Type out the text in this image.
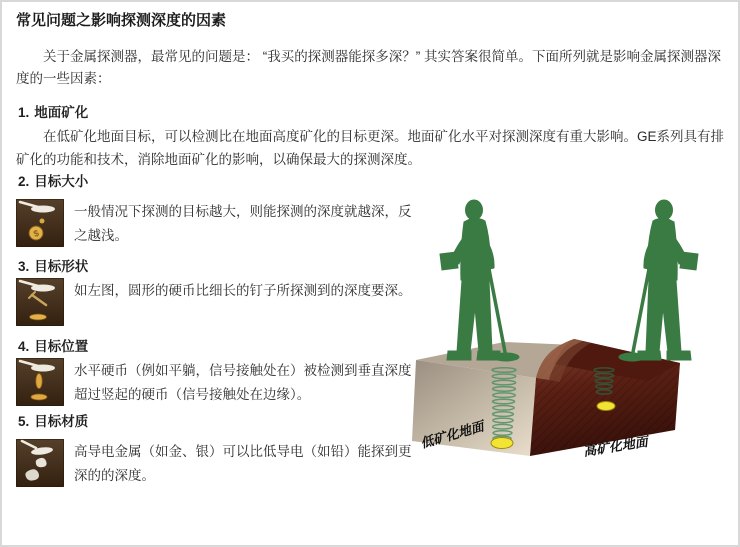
常见问题之影响探测深度的因素

关于金属探测器，最常见的问题是： “我买的探测器能探多深？” 其实答案很简单。下面所列就是影响金属探测器深度的一些因素：

1. 地面矿化

在低矿化地面目标，可以检测比在地面高度矿化的目标更深。地面矿化水平对探测深度有重大影响。GE系列具有排矿化的功能和技术，消除地面矿化的影响，以确保最大的探测深度。

2. 目标大小
$

一般情况下探测的目标越大，则能探测的深度就越深，反之越浅。

3. 目标形状

如左图，圆形的硬币比细长的钉子所探测到的深度要深。

4. 目标位置

水平硬币（例如平躺，信号接触处在）被检测到垂直深度超过竖起的硬币（信号接触处在边缘）。

5. 目标材质

高导电金属（如金、银）可以比低导电（如铅）能探到更深的的深度。

低矿化地面	高矿化地面
